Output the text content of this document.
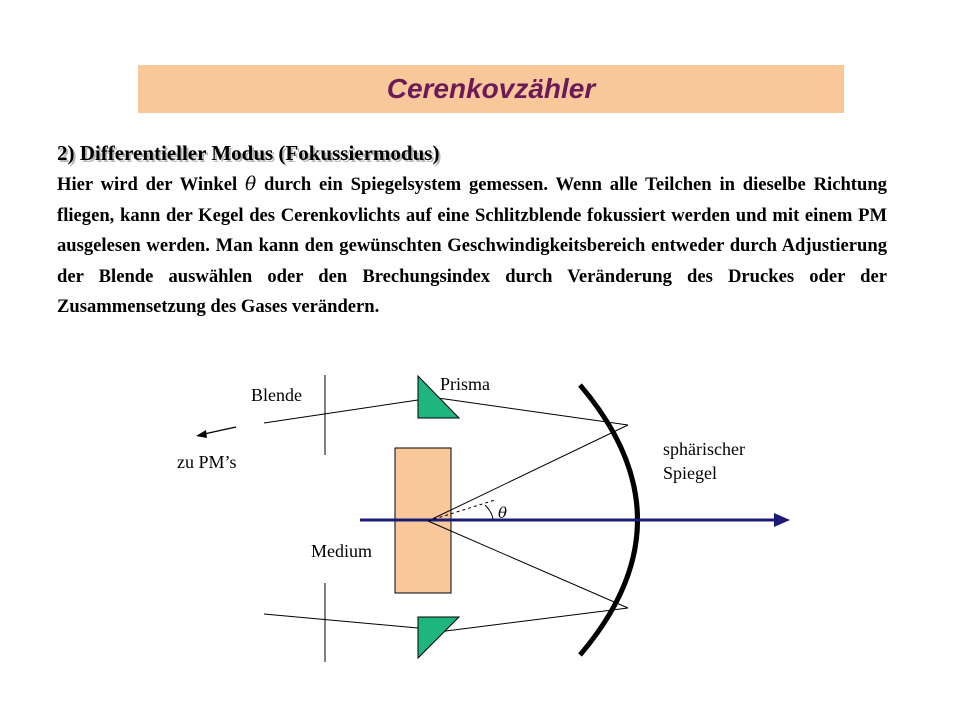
Cerenkovzähler
2) Differentieller Modus (Fokussiermodus)

Hier wird der Winkel θ durch ein Spiegelsystem gemessen. Wenn alle Teilchen in dieselbe Richtung fliegen, kann der Kegel des Cerenkovlichts auf eine Schlitzblende fokussiert werden und mit einem PM ausgelesen werden. Man kann den gewünschten Geschwindigkeitsbereich entweder durch Adjustierung der Blende auswählen oder den Brechungsindex durch Veränderung des Druckes oder der Zusammensetzung des Gases verändern.

Blende
Prisma
zu PM’s
sphärischer
Spiegel
Medium
θ
